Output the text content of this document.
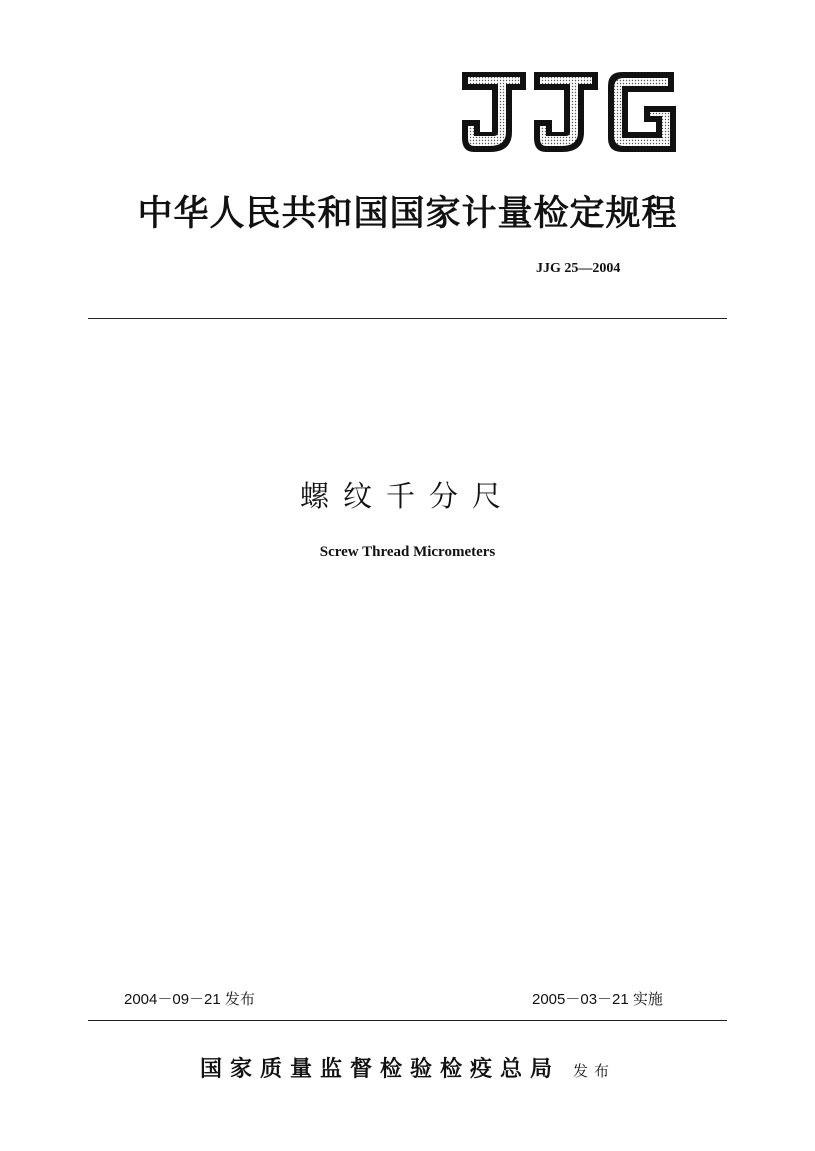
中华人民共和国国家计量检定规程
JJG 25—2004
螺纹千分尺
Screw Thread Micrometers
2004－09－21 发布	2005－03－21 实施
国家质量监督检验检疫总局 发布
